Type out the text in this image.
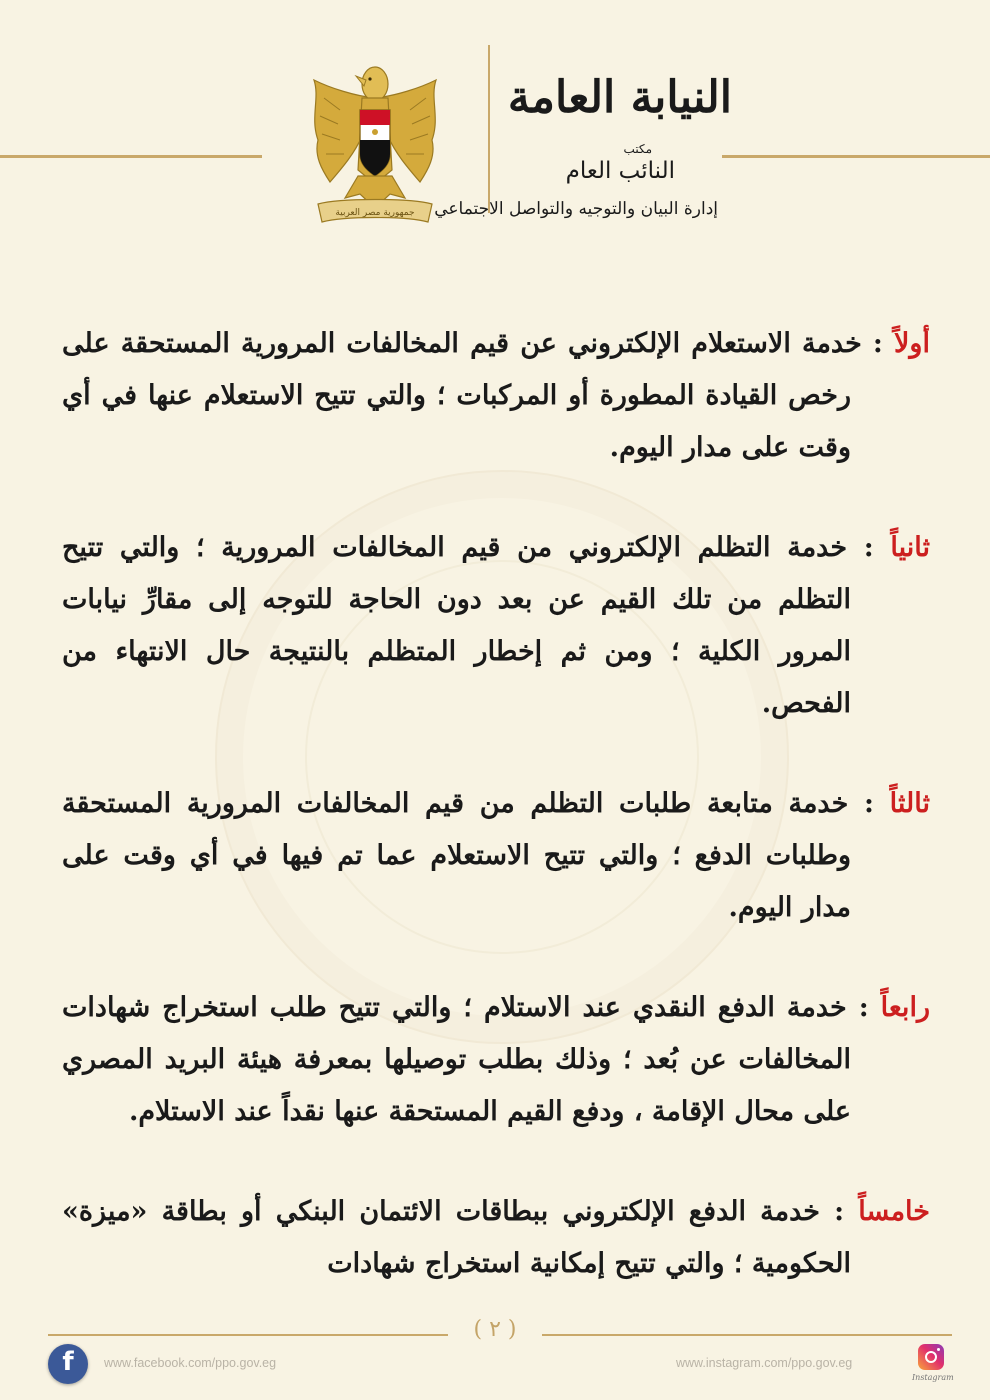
جمهورية مصر العربية
النيابة العامة
مكتب
النائب العام
إدارة البيان والتوجيه والتواصل الاجتماعي

أولاً : خدمة الاستعلام الإلكتروني عن قيم المخالفات المرورية المستحقة على رخص القيادة المطورة أو المركبات ؛ والتي تتيح الاستعلام عنها في أي وقت على مدار اليوم.

ثانياً : خدمة التظلم الإلكتروني من قيم المخالفات المرورية ؛ والتي تتيح التظلم من تلك القيم عن بعد دون الحاجة للتوجه إلى مقارِّ نيابات المرور الكلية ؛ ومن ثم إخطار المتظلم بالنتيجة حال الانتهاء من الفحص.

ثالثاً : خدمة متابعة طلبات التظلم من قيم المخالفات المرورية المستحقة وطلبات الدفع ؛ والتي تتيح الاستعلام عما تم فيها في أي وقت على مدار اليوم.

رابعاً : خدمة الدفع النقدي عند الاستلام ؛ والتي تتيح طلب استخراج شهادات المخالفات عن بُعد ؛ وذلك بطلب توصيلها بمعرفة هيئة البريد المصري على محال الإقامة ، ودفع القيم المستحقة عنها نقداً عند الاستلام.

خامساً : خدمة الدفع الإلكتروني ببطاقات الائتمان البنكي أو بطاقة «ميزة» الحكومية ؛ والتي تتيح إمكانية استخراج شهادات

( ٢ )
f	www.facebook.com/ppo.gov.eg	www.instagram.com/ppo.gov.eg
Instagram
